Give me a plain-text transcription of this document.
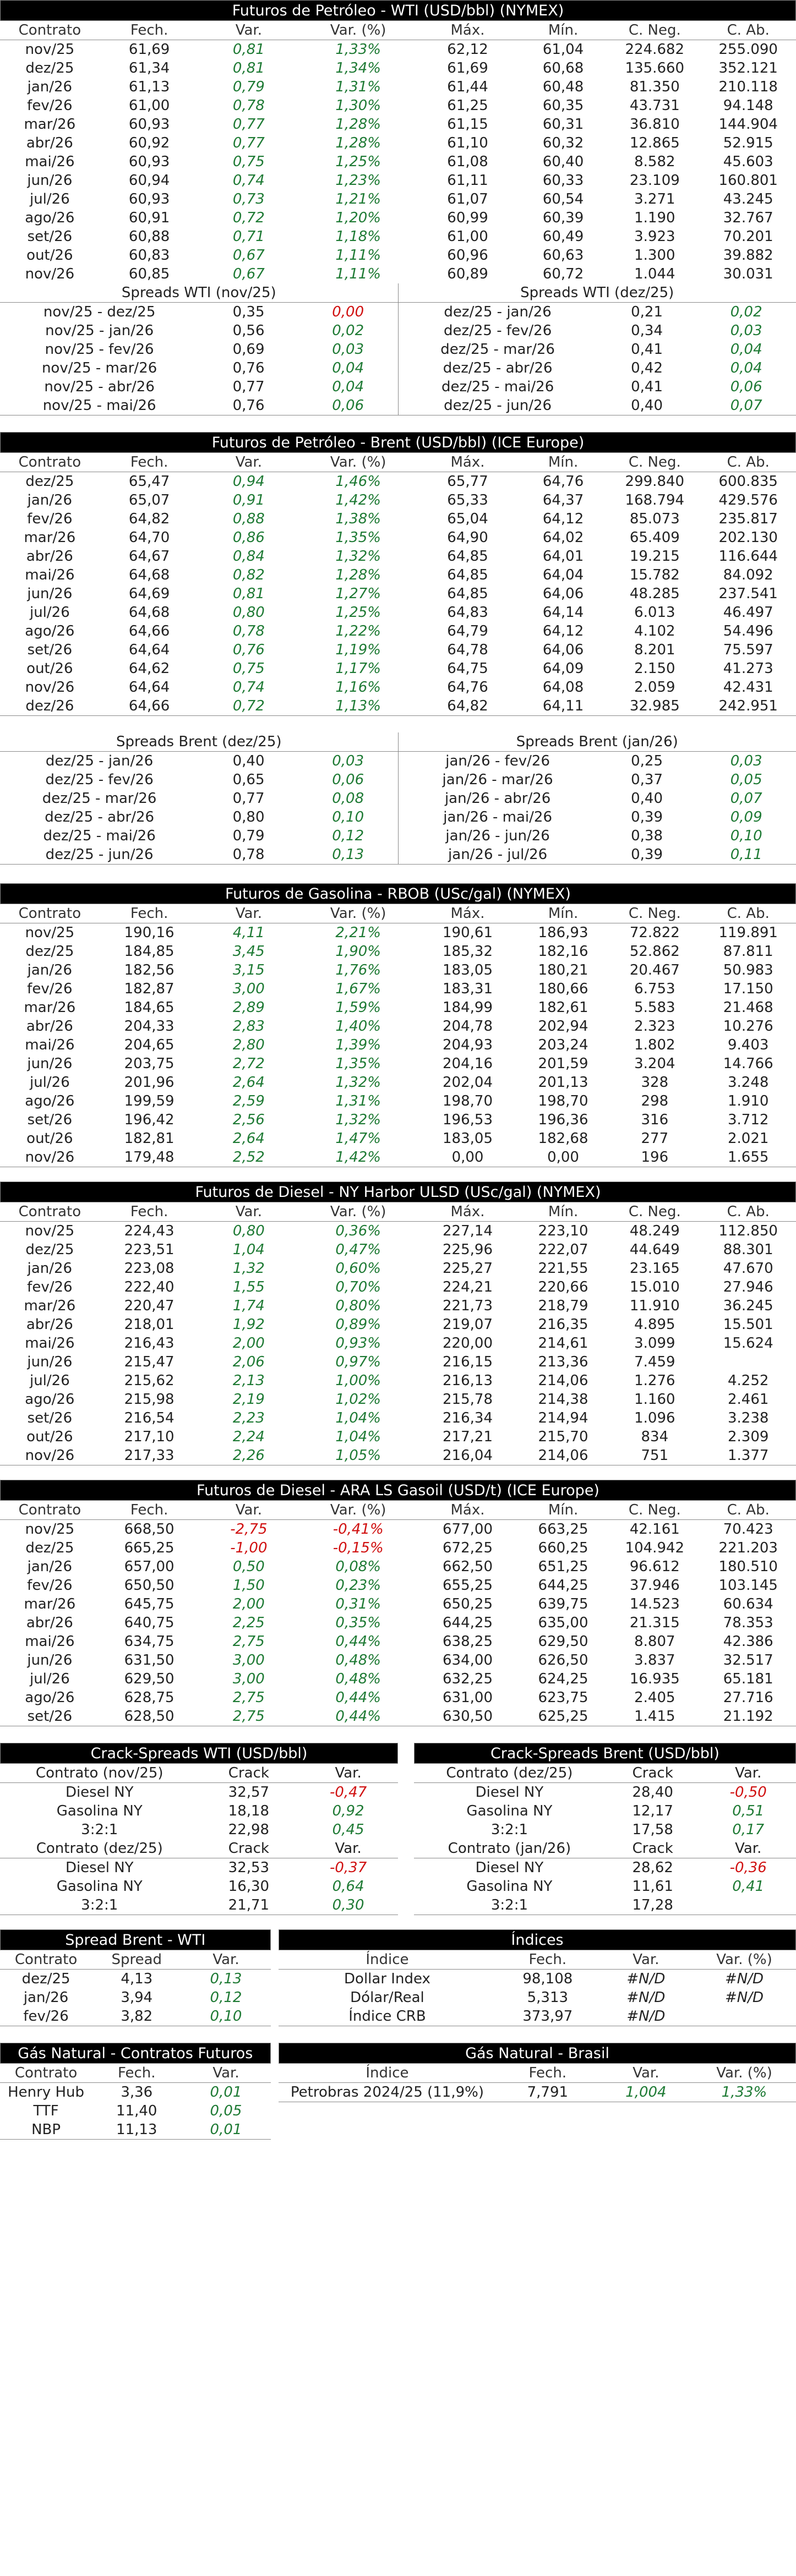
Futuros de Petróleo - WTI (USD/bbl) (NYMEX)
Contrato	Fech.	Var.	Var. (%)	Máx.	Mín.	C. Neg.	C. Ab.
nov/25	61,69	0,81	1,33%	62,12	61,04	224.682	255.090
dez/25	61,34	0,81	1,34%	61,69	60,68	135.660	352.121
jan/26	61,13	0,79	1,31%	61,44	60,48	81.350	210.118
fev/26	61,00	0,78	1,30%	61,25	60,35	43.731	94.148
mar/26	60,93	0,77	1,28%	61,15	60,31	36.810	144.904
abr/26	60,92	0,77	1,28%	61,10	60,32	12.865	52.915
mai/26	60,93	0,75	1,25%	61,08	60,40	8.582	45.603
jun/26	60,94	0,74	1,23%	61,11	60,33	23.109	160.801
jul/26	60,93	0,73	1,21%	61,07	60,54	3.271	43.245
ago/26	60,91	0,72	1,20%	60,99	60,39	1.190	32.767
set/26	60,88	0,71	1,18%	61,00	60,49	3.923	70.201
out/26	60,83	0,67	1,11%	60,96	60,63	1.300	39.882
nov/26	60,85	0,67	1,11%	60,89	60,72	1.044	30.031
Spreads WTI (nov/25)
nov/25 - dez/25	0,35	0,00
nov/25 - jan/26	0,56	0,02
nov/25 - fev/26	0,69	0,03
nov/25 - mar/26	0,76	0,04
nov/25 - abr/26	0,77	0,04
nov/25 - mai/26	0,76	0,06
Spreads WTI (dez/25)
dez/25 - jan/26	0,21	0,02
dez/25 - fev/26	0,34	0,03
dez/25 - mar/26	0,41	0,04
dez/25 - abr/26	0,42	0,04
dez/25 - mai/26	0,41	0,06
dez/25 - jun/26	0,40	0,07
Futuros de Petróleo - Brent (USD/bbl) (ICE Europe)
Contrato	Fech.	Var.	Var. (%)	Máx.	Mín.	C. Neg.	C. Ab.
dez/25	65,47	0,94	1,46%	65,77	64,76	299.840	600.835
jan/26	65,07	0,91	1,42%	65,33	64,37	168.794	429.576
fev/26	64,82	0,88	1,38%	65,04	64,12	85.073	235.817
mar/26	64,70	0,86	1,35%	64,90	64,02	65.409	202.130
abr/26	64,67	0,84	1,32%	64,85	64,01	19.215	116.644
mai/26	64,68	0,82	1,28%	64,85	64,04	15.782	84.092
jun/26	64,69	0,81	1,27%	64,85	64,06	48.285	237.541
jul/26	64,68	0,80	1,25%	64,83	64,14	6.013	46.497
ago/26	64,66	0,78	1,22%	64,79	64,12	4.102	54.496
set/26	64,64	0,76	1,19%	64,78	64,06	8.201	75.597
out/26	64,62	0,75	1,17%	64,75	64,09	2.150	41.273
nov/26	64,64	0,74	1,16%	64,76	64,08	2.059	42.431
dez/26	64,66	0,72	1,13%	64,82	64,11	32.985	242.951
Spreads Brent (dez/25)
dez/25 - jan/26	0,40	0,03
dez/25 - fev/26	0,65	0,06
dez/25 - mar/26	0,77	0,08
dez/25 - abr/26	0,80	0,10
dez/25 - mai/26	0,79	0,12
dez/25 - jun/26	0,78	0,13
Spreads Brent (jan/26)
jan/26 - fev/26	0,25	0,03
jan/26 - mar/26	0,37	0,05
jan/26 - abr/26	0,40	0,07
jan/26 - mai/26	0,39	0,09
jan/26 - jun/26	0,38	0,10
jan/26 - jul/26	0,39	0,11
Futuros de Gasolina - RBOB (USc/gal) (NYMEX)
Contrato	Fech.	Var.	Var. (%)	Máx.	Mín.	C. Neg.	C. Ab.
nov/25	190,16	4,11	2,21%	190,61	186,93	72.822	119.891
dez/25	184,85	3,45	1,90%	185,32	182,16	52.862	87.811
jan/26	182,56	3,15	1,76%	183,05	180,21	20.467	50.983
fev/26	182,87	3,00	1,67%	183,31	180,66	6.753	17.150
mar/26	184,65	2,89	1,59%	184,99	182,61	5.583	21.468
abr/26	204,33	2,83	1,40%	204,78	202,94	2.323	10.276
mai/26	204,65	2,80	1,39%	204,93	203,24	1.802	9.403
jun/26	203,75	2,72	1,35%	204,16	201,59	3.204	14.766
jul/26	201,96	2,64	1,32%	202,04	201,13	328	3.248
ago/26	199,59	2,59	1,31%	198,70	198,70	298	1.910
set/26	196,42	2,56	1,32%	196,53	196,36	316	3.712
out/26	182,81	2,64	1,47%	183,05	182,68	277	2.021
nov/26	179,48	2,52	1,42%	0,00	0,00	196	1.655
Futuros de Diesel - NY Harbor ULSD (USc/gal) (NYMEX)
Contrato	Fech.	Var.	Var. (%)	Máx.	Mín.	C. Neg.	C. Ab.
nov/25	224,43	0,80	0,36%	227,14	223,10	48.249	112.850
dez/25	223,51	1,04	0,47%	225,96	222,07	44.649	88.301
jan/26	223,08	1,32	0,60%	225,27	221,55	23.165	47.670
fev/26	222,40	1,55	0,70%	224,21	220,66	15.010	27.946
mar/26	220,47	1,74	0,80%	221,73	218,79	11.910	36.245
abr/26	218,01	1,92	0,89%	219,07	216,35	4.895	15.501
mai/26	216,43	2,00	0,93%	220,00	214,61	3.099	15.624
jun/26	215,47	2,06	0,97%	216,15	213,36	7.459	
jul/26	215,62	2,13	1,00%	216,13	214,06	1.276	4.252
ago/26	215,98	2,19	1,02%	215,78	214,38	1.160	2.461
set/26	216,54	2,23	1,04%	216,34	214,94	1.096	3.238
out/26	217,10	2,24	1,04%	217,21	215,70	834	2.309
nov/26	217,33	2,26	1,05%	216,04	214,06	751	1.377
Futuros de Diesel - ARA LS Gasoil (USD/t) (ICE Europe)
Contrato	Fech.	Var.	Var. (%)	Máx.	Mín.	C. Neg.	C. Ab.
nov/25	668,50	-2,75	-0,41%	677,00	663,25	42.161	70.423
dez/25	665,25	-1,00	-0,15%	672,25	660,25	104.942	221.203
jan/26	657,00	0,50	0,08%	662,50	651,25	96.612	180.510
fev/26	650,50	1,50	0,23%	655,25	644,25	37.946	103.145
mar/26	645,75	2,00	0,31%	650,25	639,75	14.523	60.634
abr/26	640,75	2,25	0,35%	644,25	635,00	21.315	78.353
mai/26	634,75	2,75	0,44%	638,25	629,50	8.807	42.386
jun/26	631,50	3,00	0,48%	634,00	626,50	3.837	32.517
jul/26	629,50	3,00	0,48%	632,25	624,25	16.935	65.181
ago/26	628,75	2,75	0,44%	631,00	623,75	2.405	27.716
set/26	628,50	2,75	0,44%	630,50	625,25	1.415	21.192
Crack-Spreads WTI (USD/bbl)
Contrato (nov/25)	Crack	Var.
Diesel NY	32,57	-0,47
Gasolina NY	18,18	0,92
3:2:1	22,98	0,45
Contrato (dez/25)	Crack	Var.
Diesel NY	32,53	-0,37
Gasolina NY	16,30	0,64
3:2:1	21,71	0,30
Crack-Spreads Brent (USD/bbl)
Contrato (dez/25)	Crack	Var.
Diesel NY	28,40	-0,50
Gasolina NY	12,17	0,51
3:2:1	17,58	0,17
Contrato (jan/26)	Crack	Var.
Diesel NY	28,62	-0,36
Gasolina NY	11,61	0,41
3:2:1	17,28	
Spread Brent - WTI
Contrato	Spread	Var.
dez/25	4,13	0,13
jan/26	3,94	0,12
fev/26	3,82	0,10
Índices
Índice	Fech.	Var.	Var. (%)
Dollar Index	98,108	#N/D	#N/D
Dólar/Real	5,313	#N/D	#N/D
Índice CRB	373,97	#N/D	
Gás Natural - Contratos Futuros
Contrato	Fech.	Var.
Henry Hub	3,36	0,01
TTF	11,40	0,05
NBP	11,13	0,01
Gás Natural - Brasil
Índice	Fech.	Var.	Var. (%)
Petrobras 2024/25 (11,9%)	7,791	1,004	1,33%
